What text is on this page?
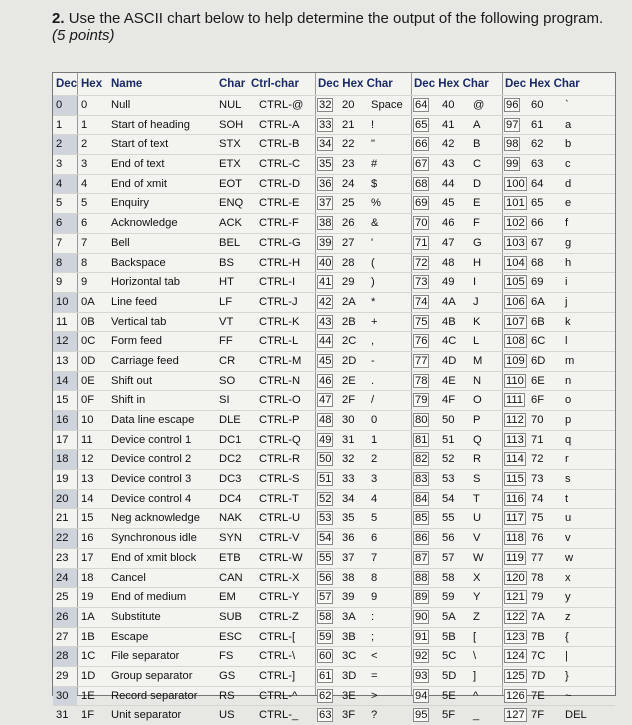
2. Use the ASCII chart below to help determine the output of the following program. (5 points)
Dec Hex Name	Char Ctrl-char Dec Hex Char Dec Hex Char Dec Hex Char
0 0 Null	NUL CTRL-@ 32 20 Space 64 40 @ 96 60 `
1 1 Start of heading	SOH CTRL-A 33 21 !	65 41 A 97 61 a
2 2 Start of text	STX CTRL-B 34 22 "	66 42 B 98 62 b
3 3 End of text	ETX CTRL-C 35 23 #	67 43 C 99 63 c
4 4 End of xmit	EOT CTRL-D 36 24 $	68 44 D 100 64 d
5 5 Enquiry	ENQ CTRL-E 37 25 %	69 45 E 101 65 e
6 6 Acknowledge	ACK CTRL-F 38 26 &	70 46 F 102 66 f
7 7 Bell	BEL CTRL-G 39 27 '	71 47 G 103 67 g
8 8 Backspace	BS CTRL-H 40 28 (	72 48 H 104 68 h
9 9 Horizontal tab	HT CTRL-I 41 29 )	73 49 I	105 69 i
10 0A Line feed	LF CTRL-J 42 2A *	74 4A J 106 6A j
11 0B Vertical tab	VT CTRL-K 43 2B +	75 4B K 107 6B k
12 0C Form feed	FF CTRL-L 44 2C ,	76 4C L 108 6C l
13 0D Carriage feed	CR CTRL-M 45 2D -	77 4D M 109 6D m
14 0E Shift out	SO CTRL-N 46 2E .	78 4E N 110 6E n
15 0F Shift in	SI	CTRL-O 47 2F /	79 4F O 111 6F o
16 10 Data line escape DLE CTRL-P 48 30 0	80 50 P 112 70 p
17 11 Device control 1 DC1 CTRL-Q 49 31 1	81 51 Q 113 71 q
18 12 Device control 2 DC2 CTRL-R 50 32 2	82 52 R 114 72 r
19 13 Device control 3 DC3 CTRL-S 51 33 3	83 53 S 115 73 s
20 14 Device control 4 DC4 CTRL-T 52 34 4	84 54 T 116 74 t
21 15 Neg acknowledge NAK CTRL-U 53 35 5	85 55 U 117 75 u
22 16 Synchronous idle SYN CTRL-V 54 36 6	86 56 V 118 76 v
23 17 End of xmit block ETB CTRL-W 55 37 7	87 57 W 119 77 w
24 18 Cancel	CAN CTRL-X 56 38 8	88 58 X 120 78 x
25 19 End of medium	EM CTRL-Y 57 39 9	89 59 Y 121 79 y
26 1A Substitute	SUB CTRL-Z 58 3A :	90 5A Z 122 7A z
27 1B Escape	ESC CTRL-[ 59 3B ;	91 5B [	123 7B {
28 1C File separator	FS CTRL-\ 60 3C <	92 5C \	124 7C |
29 1D Group separator GS CTRL-] 61 3D =	93 5D ]	125 7D }
30 1E Record separator RS CTRL-^ 62 3E >	94 5E ^ 126 7E ~
31 1F Unit separator	US CTRL-_ 63 3F ?	95 5F _ 127 7F DEL
